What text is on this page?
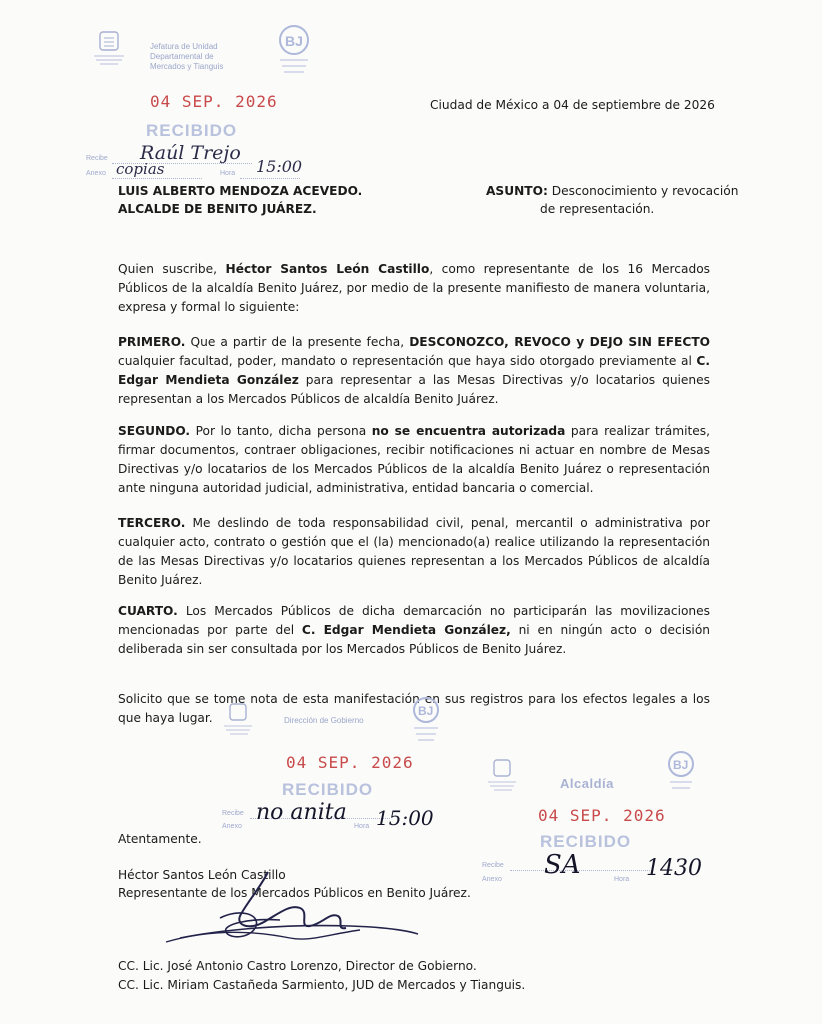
Jefatura de Unidad
Departamental de
Mercados y Tianguis
BJ
04 SEP. 2026
RECIBIDO
Recibe
Anexo	Hora
Raúl Trejo
copias	15:00
Ciudad de México a 04 de septiembre de 2026
LUIS ALBERTO MENDOZA ACEVEDO.
ALCALDE DE BENITO JUÁREZ.
ASUNTO: Desconocimiento y revocación
de representación.
Quien suscribe, Héctor Santos León Castillo, como representante de los 16 Mercados Públicos de la alcaldía Benito Juárez, por medio de la presente manifiesto de manera voluntaria, expresa y formal lo siguiente:
PRIMERO. Que a partir de la presente fecha, DESCONOZCO, REVOCO y DEJO SIN EFECTO cualquier facultad, poder, mandato o representación que haya sido otorgado previamente al C. Edgar Mendieta González para representar a las Mesas Directivas y/o locatarios quienes representan a los Mercados Públicos de alcaldía Benito Juárez.
SEGUNDO. Por lo tanto, dicha persona no se encuentra autorizada para realizar trámites, firmar documentos, contraer obligaciones, recibir notificaciones ni actuar en nombre de Mesas Directivas y/o locatarios de los Mercados Públicos de la alcaldía Benito Juárez o representación ante ninguna autoridad judicial, administrativa, entidad bancaria o comercial.
TERCERO. Me deslindo de toda responsabilidad civil, penal, mercantil o administrativa por cualquier acto, contrato o gestión que el (la) mencionado(a) realice utilizando la representación de las Mesas Directivas y/o locatarios quienes representan a los Mercados Públicos de alcaldía Benito Juárez.
CUARTO. Los Mercados Públicos de dicha demarcación no participarán las movilizaciones mencionadas por parte del C. Edgar Mendieta González, ni en ningún acto o decisión deliberada sin ser consultada por los Mercados Públicos de Benito Juárez.
Solicito que se tome nota de esta manifestación en sus registros para los efectos legales a los que haya lugar.	Dirección de Gobierno
BJ
04 SEP. 2026
RECIBIDO
Recibe
Anexo	Hora
no anita 15:00
Alcaldía
BJ
04 SEP. 2026
RECIBIDO
Recibe
Anexo	Hora
SA	1430
Atentamente.
Héctor Santos León Castillo
Representante de los Mercados Públicos en Benito Juárez.
CC. Lic. José Antonio Castro Lorenzo, Director de Gobierno.
CC. Lic. Miriam Castañeda Sarmiento, JUD de Mercados y Tianguis.
